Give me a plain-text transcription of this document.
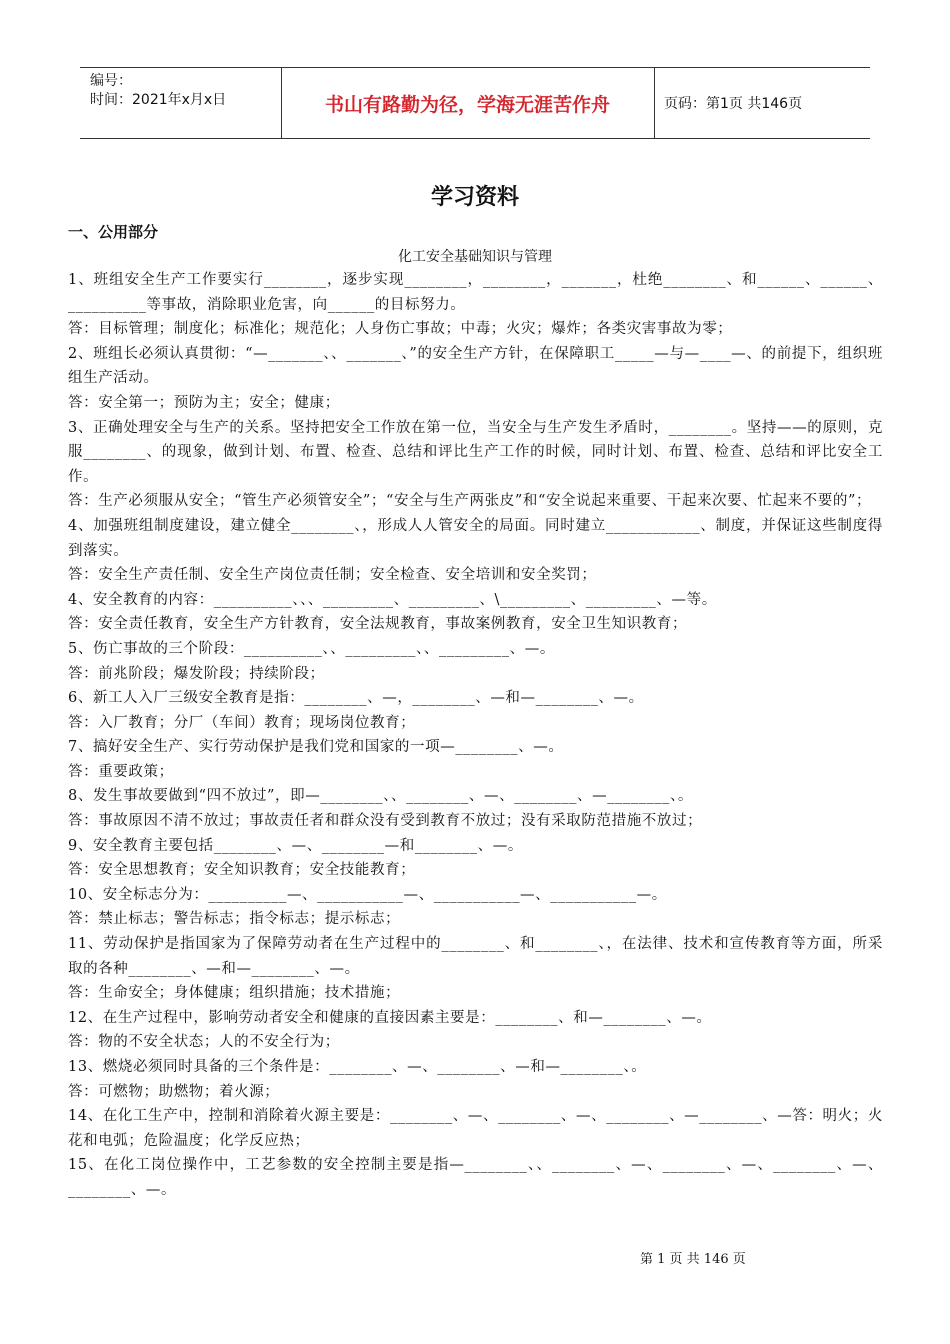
编号：
时间：2021年x月x日	书山有路勤为径，学海无涯苦作舟	页码：第1页 共146页
学习资料
一、公用部分
化工安全基础知识与管理

1、班组安全生产工作要实行________，逐步实现________，________，_______，杜绝________、和______、______、__________等事故，消除职业危害，向______的目标努力。

答：目标管理；制度化；标准化；规范化；人身伤亡事故；中毒；火灾；爆炸；各类灾害事故为零；

2、班组长必须认真贯彻：“—_______、、_______、”的安全生产方针，在保障职工_____—与—____—、的前提下，组织班组生产活动。

答：安全第一；预防为主；安全；健康；

3、正确处理安全与生产的关系。坚持把安全工作放在第一位，当安全与生产发生矛盾时，________。坚持——的原则，克服________、的现象，做到计划、布置、检查、总结和评比生产工作的时候，同时计划、布置、检查、总结和评比安全工作。

答：生产必须服从安全；“管生产必须管安全”；“安全与生产两张皮”和“安全说起来重要、干起来次要、忙起来不要的”；

4、加强班组制度建设，建立健全________、，形成人人管安全的局面。同时建立____________、制度，并保证这些制度得到落实。

答：安全生产责任制、安全生产岗位责任制；安全检查、安全培训和安全奖罚；

4、安全教育的内容：__________、、、_________、_________、\_________、_________、—等。

答：安全责任教育，安全生产方针教育，安全法规教育，事故案例教育，安全卫生知识教育；

5、伤亡事故的三个阶段：__________、、_________、、_________、—。

答：前兆阶段；爆发阶段；持续阶段；

6、新工人入厂三级安全教育是指：________、—，________、—和—________、—。

答：入厂教育；分厂（车间）教育；现场岗位教育；

7、搞好安全生产、实行劳动保护是我们党和国家的一项—________、—。

答：重要政策；

8、发生事故要做到“四不放过”，即—________、、________、—、________、—________、。

答：事故原因不清不放过；事故责任者和群众没有受到教育不放过；没有采取防范措施不放过；

9、安全教育主要包括________、—、________—和________、—。

答：安全思想教育；安全知识教育；安全技能教育；

10、安全标志分为：__________—、___________—、___________—、___________—。

答：禁止标志；警告标志；指令标志；提示标志；

11、劳动保护是指国家为了保障劳动者在生产过程中的________、和________、，在法律、技术和宣传教育等方面，所采取的各种________、—和—________、—。

答：生命安全；身体健康；组织措施；技术措施；

12、在生产过程中，影响劳动者安全和健康的直接因素主要是：________、和—________、—。

答：物的不安全状态；人的不安全行为；

13、燃烧必须同时具备的三个条件是：________、—、________、—和—________、。

答：可燃物；助燃物；着火源；

14、在化工生产中，控制和消除着火源主要是：________、—、________、—、________、—________、—答：明火；火花和电弧；危险温度；化学反应热；

15、在化工岗位操作中，工艺参数的安全控制主要是指—________、、________、—、________、—、________、—、________、—。

第 1 页 共 146 页
